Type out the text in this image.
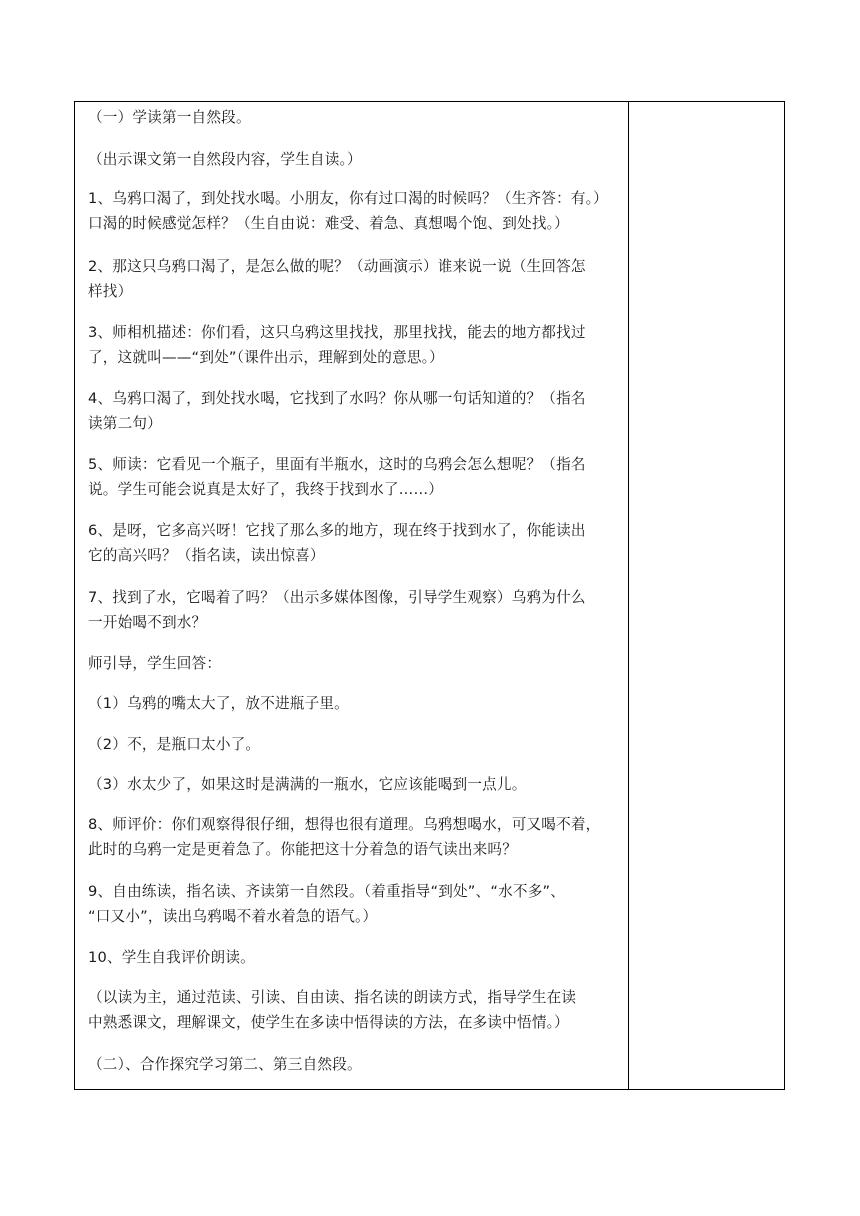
（一）学读第一自然段。
（出示课文第一自然段内容，学生自读。）
1、乌鸦口渴了，到处找水喝。小朋友，你有过口渴的时候吗？（生齐答：有。）
口渴的时候感觉怎样？（生自由说：难受、着急、真想喝个饱、到处找。）
2、那这只乌鸦口渴了，是怎么做的呢？（动画演示）谁来说一说（生回答怎
样找）
3、师相机描述：你们看，这只乌鸦这里找找，那里找找，能去的地方都找过
了，这就叫——“到处”（课件出示，理解到处的意思。）
4、乌鸦口渴了，到处找水喝，它找到了水吗？你从哪一句话知道的？（指名
读第二句）
5、师读：它看见一个瓶子，里面有半瓶水，这时的乌鸦会怎么想呢？（指名
说。学生可能会说真是太好了，我终于找到水了……）
6、是呀，它多高兴呀！它找了那么多的地方，现在终于找到水了，你能读出
它的高兴吗？（指名读，读出惊喜）
7、找到了水，它喝着了吗？（出示多媒体图像，引导学生观察）乌鸦为什么
一开始喝不到水？
师引导，学生回答：
（1）乌鸦的嘴太大了，放不进瓶子里。
（2）不，是瓶口太小了。
（3）水太少了，如果这时是满满的一瓶水，它应该能喝到一点儿。
8、师评价：你们观察得很仔细，想得也很有道理。乌鸦想喝水，可又喝不着，
此时的乌鸦一定是更着急了。你能把这十分着急的语气读出来吗？
9、自由练读，指名读、齐读第一自然段。（着重指导“到处”、“水不多”、
“口又小”，读出乌鸦喝不着水着急的语气。）
10、学生自我评价朗读。
（以读为主，通过范读、引读、自由读、指名读的朗读方式，指导学生在读
中熟悉课文，理解课文，使学生在多读中悟得读的方法，在多读中悟情。）
（二）、合作探究学习第二、第三自然段。
